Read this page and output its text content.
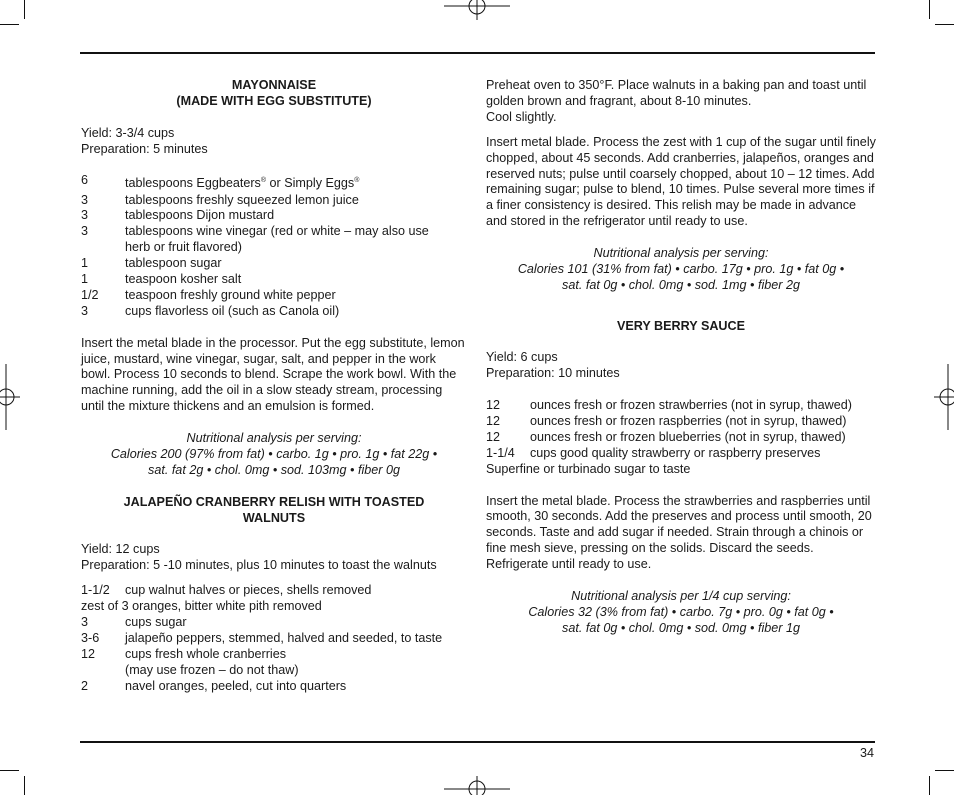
MAYONNAISE

(MADE WITH EGG SUBSTITUTE)

Yield: 3-3/4 cups

Preparation: 5 minutes

6	tablespoons Eggbeaters® or Simply Eggs®
3	tablespoons freshly squeezed lemon juice
3	tablespoons Dijon mustard
3	tablespoons wine vinegar (red or white – may also use
herb or fruit flavored)
1	tablespoon sugar
1	teaspoon kosher salt
1/2	teaspoon freshly ground white pepper
3	cups flavorless oil (such as Canola oil)

Insert the metal blade in the processor. Put the egg substitute, lemon juice, mustard, wine vinegar, sugar, salt, and pepper in the work bowl. Process 10 seconds to blend. Scrape the work bowl. With the machine running, add the oil in a slow steady stream, processing until the mixture thickens and an emulsion is formed.

Nutritional analysis per serving:

Calories 200 (97% from fat) • carbo. 1g • pro. 1g • fat 22g •

sat. fat 2g • chol. 0mg • sod. 103mg • fiber 0g

JALAPEÑO CRANBERRY RELISH WITH TOASTED

WALNUTS

Yield: 12 cups

Preparation: 5 -10 minutes, plus 10 minutes to toast the walnuts

1-1/2	cup walnut halves or pieces, shells removed

zest of 3 oranges, bitter white pith removed

3	cups sugar
3-6	jalapeño peppers, stemmed, halved and seeded, to taste
12	cups fresh whole cranberries
(may use frozen – do not thaw)
2	navel oranges, peeled, cut into quarters

Preheat oven to 350°F. Place walnuts in a baking pan and toast until golden brown and fragrant, about 8-10 minutes.

Cool slightly.

Insert metal blade. Process the zest with 1 cup of the sugar until finely chopped, about 45 seconds. Add cranberries, jalapeños, oranges and reserved nuts; pulse until coarsely chopped, about 10 – 12 times. Add remaining sugar; pulse to blend, 10 times. Pulse several more times if a finer consistency is desired. This relish may be made in advance and stored in the refrigerator until ready to use.

Nutritional analysis per serving:

Calories 101 (31% from fat) • carbo. 17g • pro. 1g • fat 0g •

sat. fat 0g • chol. 0mg • sod. 1mg • fiber 2g

VERY BERRY SAUCE

Yield: 6 cups

Preparation: 10 minutes

12	ounces fresh or frozen strawberries (not in syrup, thawed)
12	ounces fresh or frozen raspberries (not in syrup, thawed)
12	ounces fresh or frozen blueberries (not in syrup, thawed)
1-1/4	cups good quality strawberry or raspberry preserves

Superfine or turbinado sugar to taste

Insert the metal blade. Process the strawberries and raspberries until smooth, 30 seconds. Add the preserves and process until smooth, 20 seconds. Taste and add sugar if needed. Strain through a chinois or fine mesh sieve, pressing on the solids. Discard the seeds. Refrigerate until ready to use.

Nutritional analysis per 1/4 cup serving:

Calories 32 (3% from fat) • carbo. 7g • pro. 0g • fat 0g •

sat. fat 0g • chol. 0mg • sod. 0mg • fiber 1g

34
